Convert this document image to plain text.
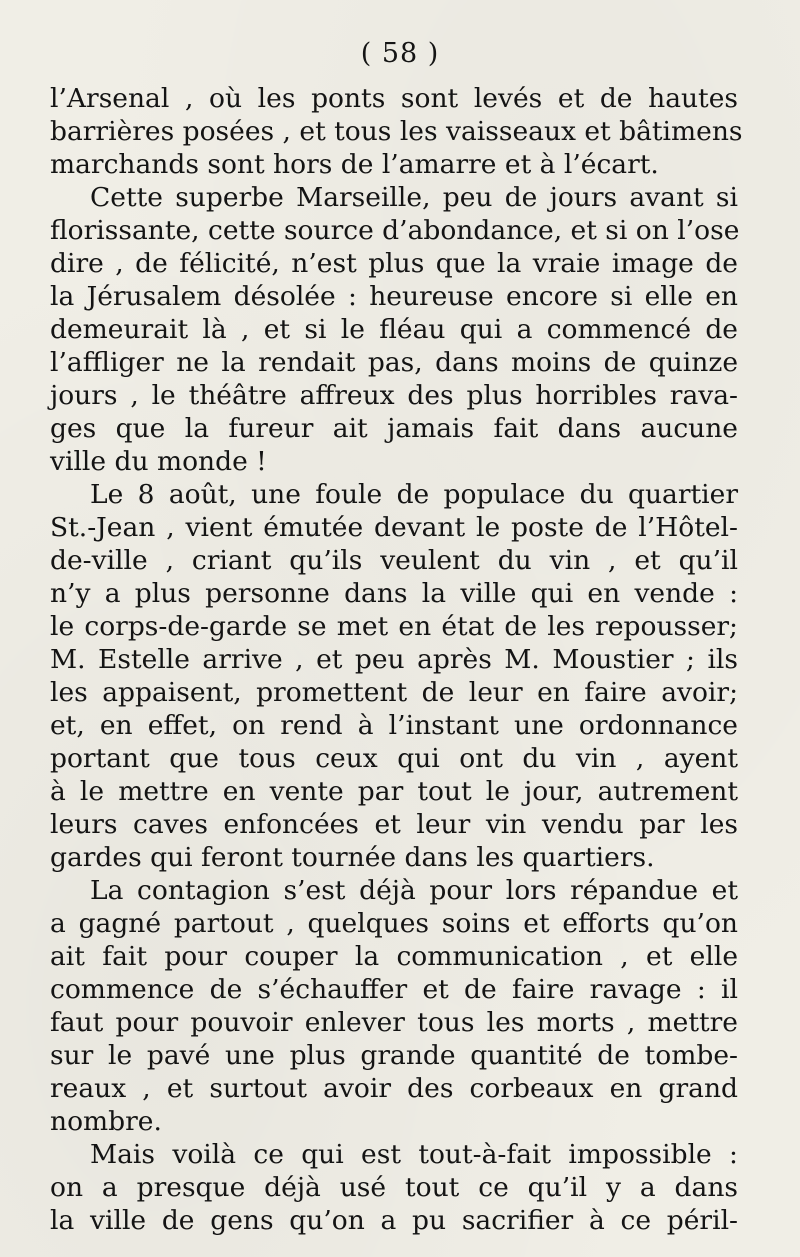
( 58 )
l’Arsenal , où les ponts sont levés et de hautes
barrières posées , et tous les vaisseaux et bâtimens
marchands sont hors de l’amarre et à l’écart.
Cette superbe Marseille, peu de jours avant si
florissante, cette source d’abondance, et si on l’ose
dire , de félicité, n’est plus que la vraie image de
la Jérusalem désolée : heureuse encore si elle en
demeurait là , et si le fléau qui a commencé de
l’affliger ne la rendait pas, dans moins de quinze
jours , le théâtre affreux des plus horribles rava-
ges que la fureur ait jamais fait dans aucune
ville du monde !
Le 8 août, une foule de populace du quartier
St.-Jean , vient émutée devant le poste de l’Hôtel-
de-ville , criant qu’ils veulent du vin , et qu’il
n’y a plus personne dans la ville qui en vende :
le corps-de-garde se met en état de les repousser;
M. Estelle arrive , et peu après M. Moustier ; ils
les appaisent, promettent de leur en faire avoir;
et, en effet, on rend à l’instant une ordonnance
portant que tous ceux qui ont du vin , ayent
à le mettre en vente par tout le jour, autrement
leurs caves enfoncées et leur vin vendu par les
gardes qui feront tournée dans les quartiers.
La contagion s’est déjà pour lors répandue et
a gagné partout , quelques soins et efforts qu’on
ait fait pour couper la communication , et elle
commence de s’échauffer et de faire ravage : il
faut pour pouvoir enlever tous les morts , mettre
sur le pavé une plus grande quantité de tombe-
reaux , et surtout avoir des corbeaux en grand
nombre.
Mais voilà ce qui est tout-à-fait impossible :
on a presque déjà usé tout ce qu’il y a dans
la ville de gens qu’on a pu sacrifier à ce péril-
